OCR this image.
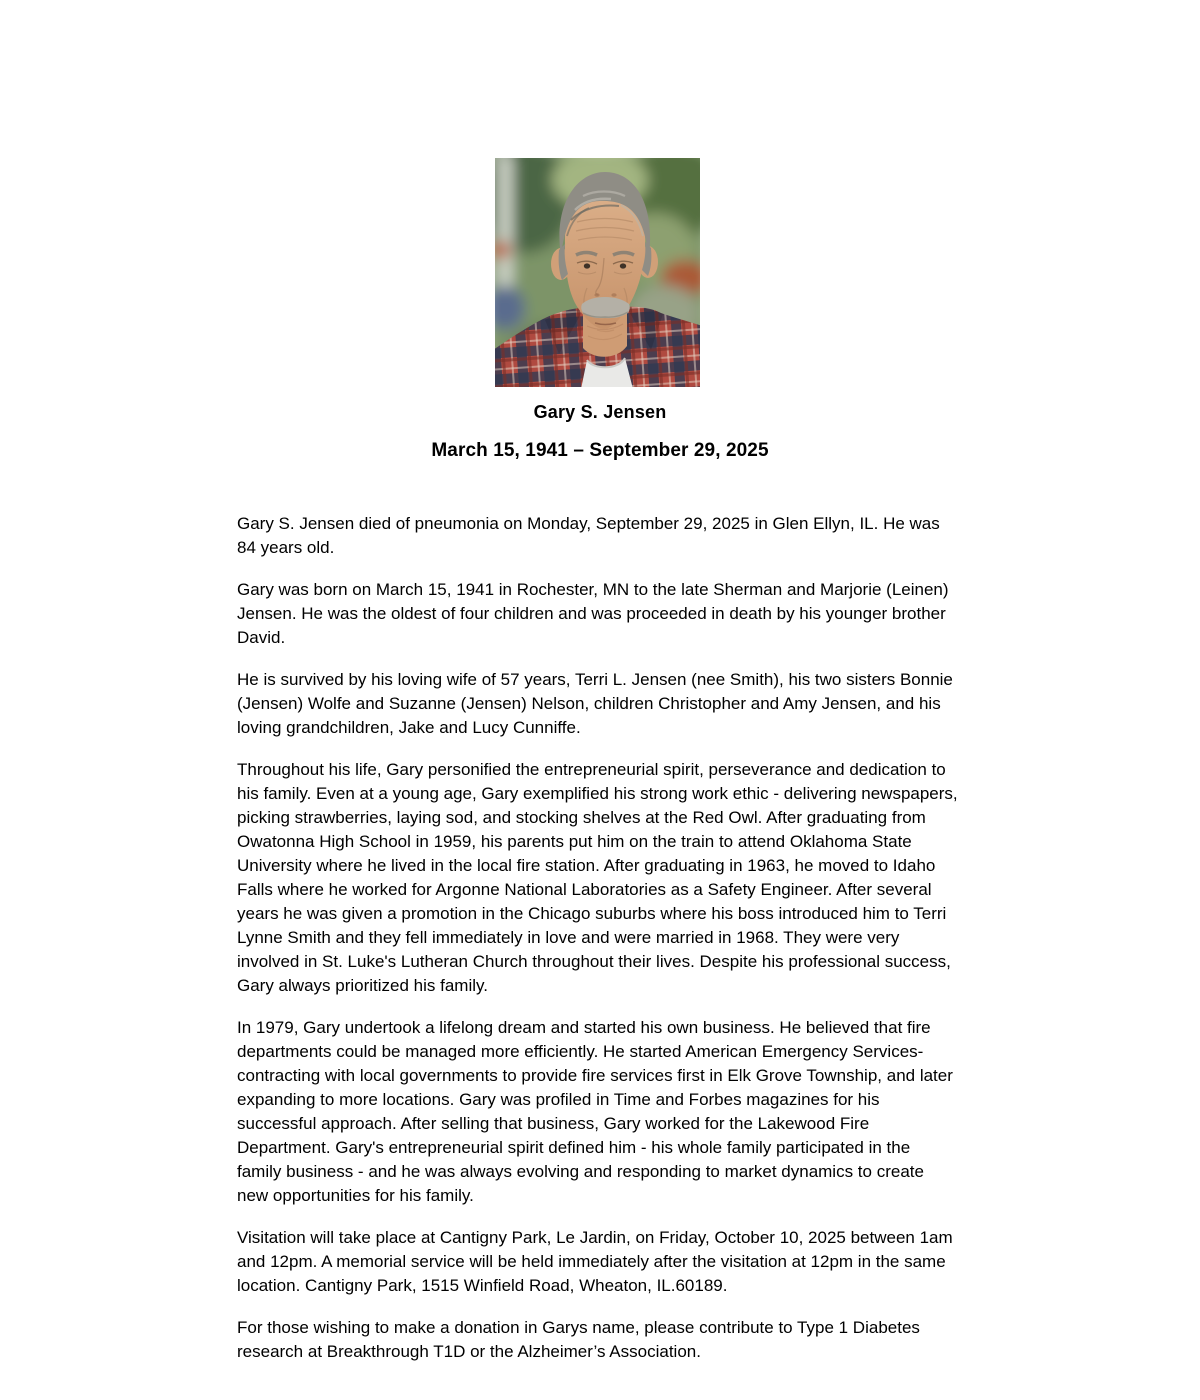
Gary S. Jensen
March 15, 1941 – September 29, 2025

Gary S. Jensen died of pneumonia on Monday, September 29, 2025 in Glen Ellyn, IL. He was 84 years old.

Gary was born on March 15, 1941 in Rochester, MN to the late Sherman and Marjorie (Leinen) Jensen. He was the oldest of four children and was proceeded in death by his younger brother David.

He is survived by his loving wife of 57 years, Terri L. Jensen (nee Smith), his two sisters Bonnie (Jensen) Wolfe and Suzanne (Jensen) Nelson, children Christopher and Amy Jensen, and his loving grandchildren, Jake and Lucy Cunniffe.

Throughout his life, Gary personified the entrepreneurial spirit, perseverance and dedication to his family. Even at a young age, Gary exemplified his strong work ethic - delivering newspapers, picking strawberries, laying sod, and stocking shelves at the Red Owl. After graduating from Owatonna High School in 1959, his parents put him on the train to attend Oklahoma State University where he lived in the local fire station. After graduating in 1963, he moved to Idaho Falls where he worked for Argonne National Laboratories as a Safety Engineer. After several years he was given a promotion in the Chicago suburbs where his boss introduced him to Terri Lynne Smith and they fell immediately in love and were married in 1968. They were very involved in St. Luke's Lutheran Church throughout their lives. Despite his professional success, Gary always prioritized his family.

In 1979, Gary undertook a lifelong dream and started his own business. He believed that fire departments could be managed more efficiently. He started American Emergency Services-contracting with local governments to provide fire services first in Elk Grove Township, and later expanding to more locations. Gary was profiled in Time and Forbes magazines for his successful approach. After selling that business, Gary worked for the Lakewood Fire Department. Gary's entrepreneurial spirit defined him - his whole family participated in the family business - and he was always evolving and responding to market dynamics to create new opportunities for his family.

Visitation will take place at Cantigny Park, Le Jardin, on Friday, October 10, 2025 between 1am and 12pm. A memorial service will be held immediately after the visitation at 12pm in the same location. Cantigny Park, 1515 Winfield Road, Wheaton, IL.60189.

For those wishing to make a donation in Garys name, please contribute to Type 1 Diabetes research at Breakthrough T1D or the Alzheimer’s Association.
